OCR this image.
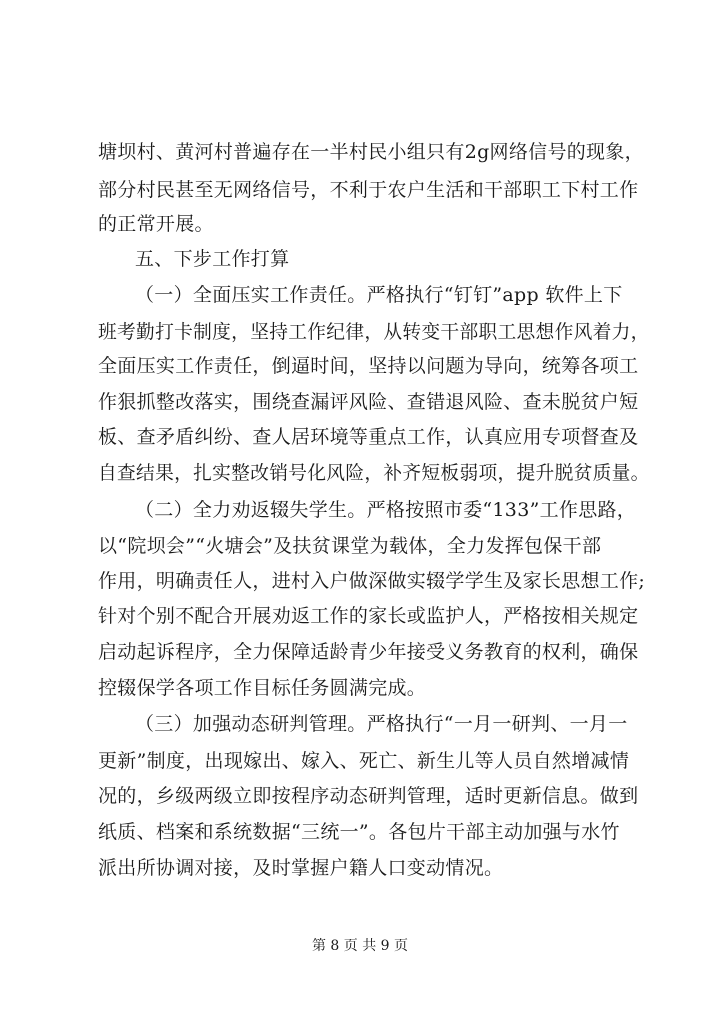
塘坝村、黄河村普遍存在一半村民小组只有2g网络信号的现象，

部分村民甚至无网络信号，不利于农户生活和干部职工下村工作

的正常开展。

五、下步工作打算

（一）全面压实工作责任。严格执行“钉钉”app 软件上下

班考勤打卡制度，坚持工作纪律，从转变干部职工思想作风着力，

全面压实工作责任，倒逼时间，坚持以问题为导向，统筹各项工

作狠抓整改落实，围绕查漏评风险、查错退风险、查未脱贫户短

板、查矛盾纠纷、查人居环境等重点工作，认真应用专项督查及

自查结果，扎实整改销号化风险，补齐短板弱项，提升脱贫质量。

（二）全力劝返辍失学生。严格按照市委“133”工作思路，

以“院坝会”“火塘会”及扶贫课堂为载体，全力发挥包保干部

作用，明确责任人，进村入户做深做实辍学学生及家长思想工作;

针对个别不配合开展劝返工作的家长或监护人，严格按相关规定

启动起诉程序，全力保障适龄青少年接受义务教育的权利，确保

控辍保学各项工作目标任务圆满完成。

（三）加强动态研判管理。严格执行“一月一研判、一月一

更新”制度，出现嫁出、嫁入、死亡、新生儿等人员自然增减情

况的，乡级两级立即按程序动态研判管理，适时更新信息。做到

纸质、档案和系统数据“三统一”。各包片干部主动加强与水竹

派出所协调对接，及时掌握户籍人口变动情况。

第 8 页 共 9 页
